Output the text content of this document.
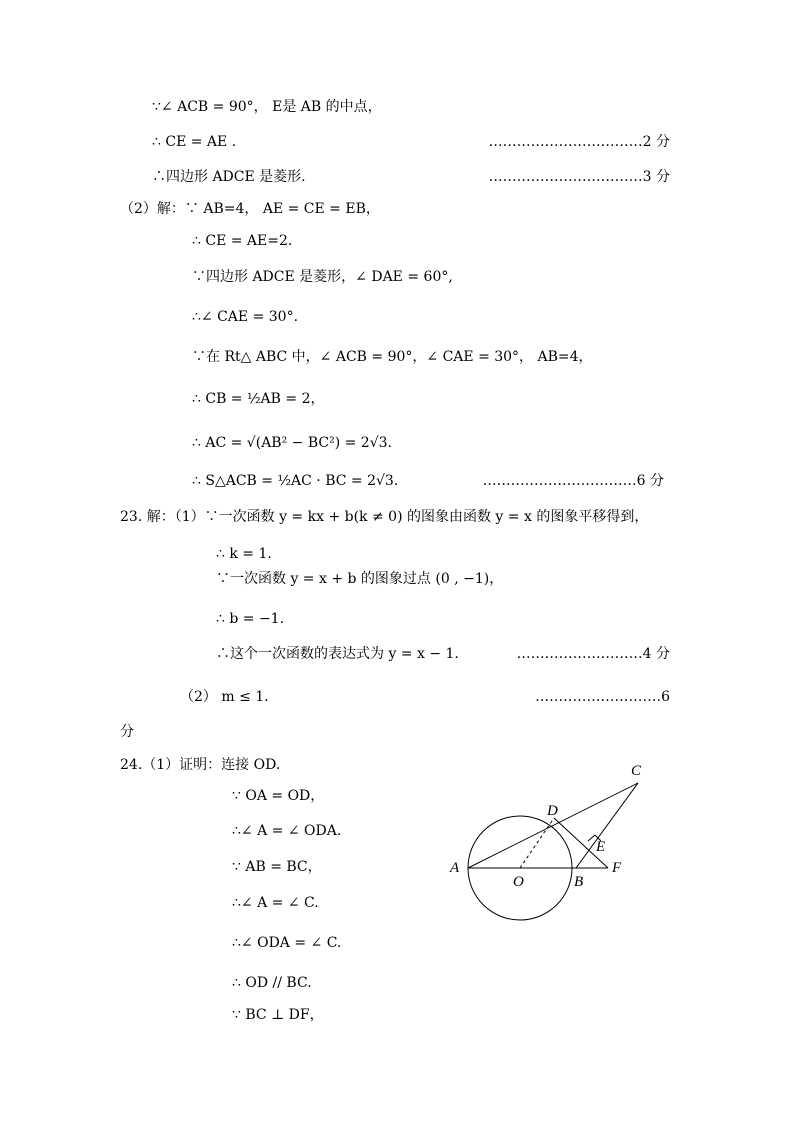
∵∠ ACB = 90°， E是 AB 的中点，
∴ CE = AE .
∴四边形 ADCE 是菱形.
（2）解：∵ AB=4， AE = CE = EB，
∴ CE = AE=2.
∵四边形 ADCE 是菱形，∠ DAE = 60°,
∴∠ CAE = 30°.
∵在 Rt△ ABC 中，∠ ACB = 90°，∠ CAE = 30°， AB=4，
∴ CB = ½AB = 2，
∴ AC = √(AB² − BC²) = 2√3.
∴ S△ACB = ½AC · BC = 2√3.
23. 解：（1）∵一次函数 y = kx + b(k ≠ 0) 的图象由函数 y = x 的图象平移得到，
∴ k = 1.
∵一次函数 y = x + b 的图象过点 (0 , −1)，
∴ b = −1.
∴这个一次函数的表达式为 y = x − 1.
（2） m ≤ 1.
分
24.（1）证明：连接 OD.
∵ OA = OD，
∴∠ A = ∠ ODA.
∵ AB = BC，
∴∠ A = ∠ C.
∴∠ ODA = ∠ C.
∴ OD // BC.
∵ BC ⊥ DF，
……………………………2 分
……………………………3 分
……………………………6 分
………………………4 分
………………………6
A
O	B
F
C
D
E
